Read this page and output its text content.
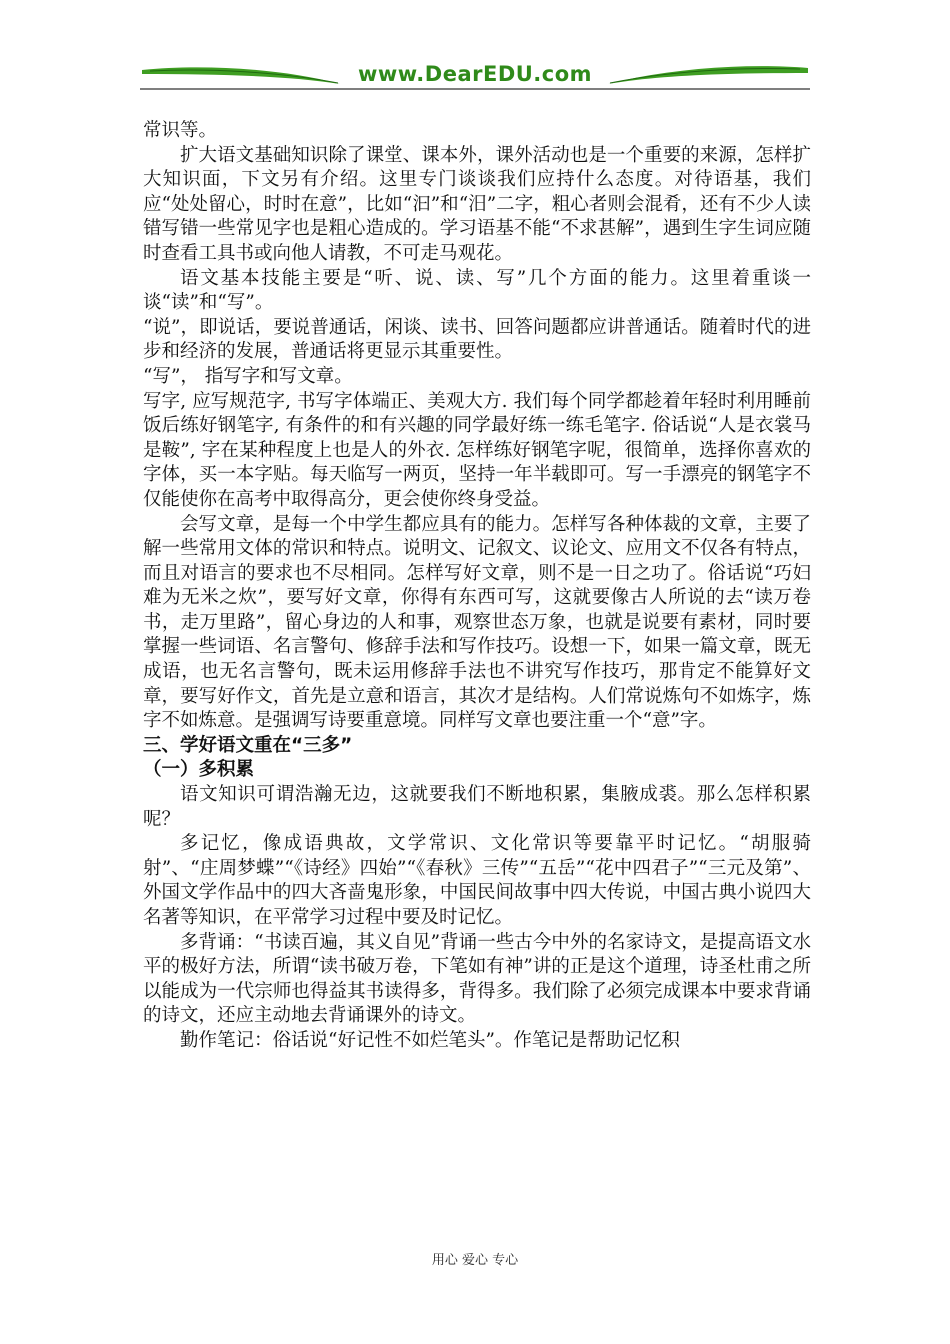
www.DearEDU.com

常识等。

扩大语文基础知识除了课堂、课本外，课外活动也是一个重要的来源，怎样扩大知识面，下文另有介绍。这里专门谈谈我们应持什么态度。对待语基，我们应“处处留心，时时在意”，比如“汩”和“汨”二字，粗心者则会混肴，还有不少人读错写错一些常见字也是粗心造成的。学习语基不能“不求甚解”，遇到生字生词应随时查看工具书或向他人请教，不可走马观花。

语文基本技能主要是“听、说、读、写”几个方面的能力。这里着重谈一谈“读”和“写”。

“说”，即说话，要说普通话，闲谈、读书、回答问题都应讲普通话。随着时代的进步和经济的发展，普通话将更显示其重要性。

“写”， 指写字和写文章。

写字, 应写规范字, 书写字体端正、美观大方. 我们每个同学都趁着年轻时利用睡前饭后练好钢笔字, 有条件的和有兴趣的同学最好练一练毛笔字. 俗话说“人是衣裳马是鞍”, 字在某种程度上也是人的外衣. 怎样练好钢笔字呢，很简单，选择你喜欢的字体，买一本字贴。每天临写一两页，坚持一年半载即可。写一手漂亮的钢笔字不仅能使你在高考中取得高分，更会使你终身受益。

会写文章，是每一个中学生都应具有的能力。怎样写各种体裁的文章，主要了解一些常用文体的常识和特点。说明文、记叙文、议论文、应用文不仅各有特点，而且对语言的要求也不尽相同。怎样写好文章，则不是一日之功了。俗话说“巧妇难为无米之炊”，要写好文章，你得有东西可写，这就要像古人所说的去“读万卷书，走万里路”，留心身边的人和事，观察世态万象，也就是说要有素材，同时要掌握一些词语、名言警句、修辞手法和写作技巧。设想一下，如果一篇文章，既无成语，也无名言警句，既未运用修辞手法也不讲究写作技巧，那肯定不能算好文章，要写好作文，首先是立意和语言，其次才是结构。人们常说炼句不如炼字，炼字不如炼意。是强调写诗要重意境。同样写文章也要注重一个“意”字。

三、学好语文重在“三多”

（一）多积累

语文知识可谓浩瀚无边，这就要我们不断地积累，集腋成裘。那么怎样积累呢？

多记忆，像成语典故，文学常识、文化常识等要靠平时记忆。“胡服骑射”、“庄周梦蝶”“《诗经》四始”“《春秋》三传”“五岳”“花中四君子”“三元及第”、外国文学作品中的四大吝啬鬼形象，中国民间故事中四大传说，中国古典小说四大名著等知识，在平常学习过程中要及时记忆。

多背诵：“书读百遍，其义自见”背诵一些古今中外的名家诗文，是提高语文水平的极好方法，所谓“读书破万卷，下笔如有神”讲的正是这个道理，诗圣杜甫之所以能成为一代宗师也得益其书读得多，背得多。我们除了必须完成课本中要求背诵的诗文，还应主动地去背诵课外的诗文。

勤作笔记：俗话说“好记性不如烂笔头”。作笔记是帮助记忆积

用心 爱心 专心
